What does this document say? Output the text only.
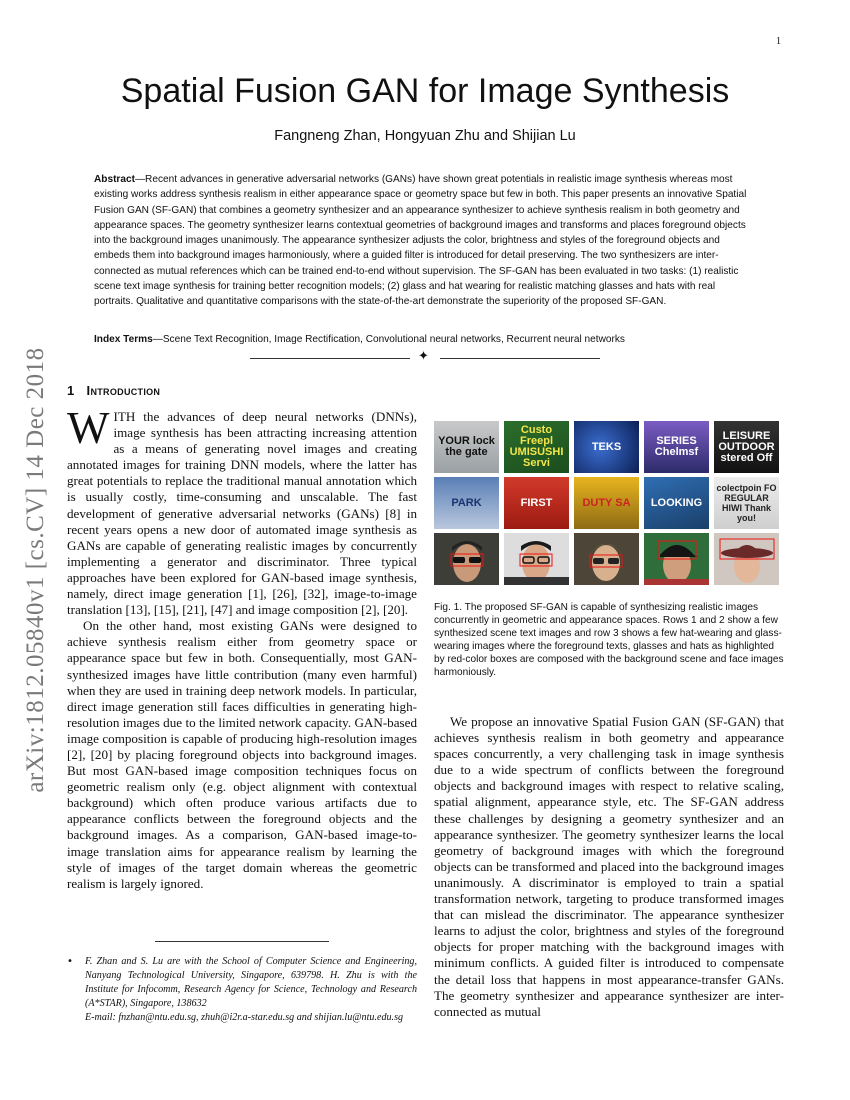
1
arXiv:1812.05840v1 [cs.CV] 14 Dec 2018
Spatial Fusion GAN for Image Synthesis
Fangneng Zhan, Hongyuan Zhu and Shijian Lu
Abstract—Recent advances in generative adversarial networks (GANs) have shown great potentials in realistic image synthesis whereas most existing works address synthesis realism in either appearance space or geometry space but few in both. This paper presents an innovative Spatial Fusion GAN (SF-GAN) that combines a geometry synthesizer and an appearance synthesizer to achieve synthesis realism in both geometry and appearance spaces. The geometry synthesizer learns contextual geometries of background images and transforms and places foreground objects into the background images unanimously. The appearance synthesizer adjusts the color, brightness and styles of the foreground objects and embeds them into background images harmoniously, where a guided filter is introduced for detail preserving. The two synthesizers are inter-connected as mutual references which can be trained end-to-end without supervision. The SF-GAN has been evaluated in two tasks: (1) realistic scene text image synthesis for training better recognition models; (2) glass and hat wearing for realistic matching glasses and hats with real portraits. Qualitative and quantitative comparisons with the state-of-the-art demonstrate the superiority of the proposed SF-GAN.
Index Terms—Scene Text Recognition, Image Rectification, Convolutional neural networks, Recurrent neural networks
✦
1 Introduction

WITH the advances of deep neural networks (DNNs), image synthesis has been attracting increasing attention as a means of generating novel images and creating annotated images for training DNN models, where the latter has great potentials to replace the traditional manual annotation which is usually costly, time-consuming and unscalable. The fast development of generative adversarial networks (GANs) [8] in recent years opens a new door of automated image synthesis as GANs are capable of generating realistic images by concurrently implementing a generator and discriminator. Three typical approaches have been explored for GAN-based image synthesis, namely, direct image generation [1], [26], [32], image-to-image translation [13], [15], [21], [47] and image composition [2], [20].

On the other hand, most existing GANs were designed to achieve synthesis realism either from geometry space or appearance space but few in both. Consequentially, most GAN-synthesized images have little contribution (many even harmful) when they are used in training deep network models. In particular, direct image generation still faces difficulties in generating high-resolution images due to the limited network capacity. GAN-based image composition is capable of producing high-resolution images [2], [20] by placing foreground objects into background images. But most GAN-based image composition techniques focus on geometric realism only (e.g. object alignment with contextual background) which often produce various artifacts due to appearance conflicts between the foreground objects and the background images. As a comparison, GAN-based image-to-image translation aims for appearance realism by learning the style of images of the target domain whereas the geometric realism is largely ignored.

• F. Zhan and S. Lu are with the School of Computer Science and Engineering, Nanyang Technological University, Singapore, 639798. H. Zhu is with the Institute for Infocomm, Research Agency for Science, Technology and Research (A*STAR), Singapore, 138632
E-mail: fnzhan@ntu.edu.sg, zhuh@i2r.a-star.edu.sg and shijian.lu@ntu.edu.sg
YOUR lock the gate
Custo Freepl UMISUSHI Servi
TEKS	SERIES Chelmsf
LEISURE OUTDOOR stered Off
PARK	FIRST	DUTY SA LOOKING
colectpoin FO REGULAR HIWI Thank you!
Fig. 1. The proposed SF-GAN is capable of synthesizing realistic images concurrently in geometric and appearance spaces. Rows 1 and 2 show a few synthesized scene text images and row 3 shows a few hat-wearing and glass-wearing images where the foreground texts, glasses and hats as highlighted by red-color boxes are composed with the background scene and face images harmoniously.

We propose an innovative Spatial Fusion GAN (SF-GAN) that achieves synthesis realism in both geometry and appearance spaces concurrently, a very challenging task in image synthesis due to a wide spectrum of conflicts between the foreground objects and background images with respect to relative scaling, spatial alignment, appearance style, etc. The SF-GAN address these challenges by designing a geometry synthesizer and an appearance synthesizer. The geometry synthesizer learns the local geometry of background images with which the foreground objects can be transformed and placed into the background images unanimously. A discriminator is employed to train a spatial transformation network, targeting to produce transformed images that can mislead the discriminator. The appearance synthesizer learns to adjust the color, brightness and styles of the foreground objects for proper matching with the background images with minimum conflicts. A guided filter is introduced to compensate the detail loss that happens in most appearance-transfer GANs. The geometry synthesizer and appearance synthesizer are inter-connected as mutual
